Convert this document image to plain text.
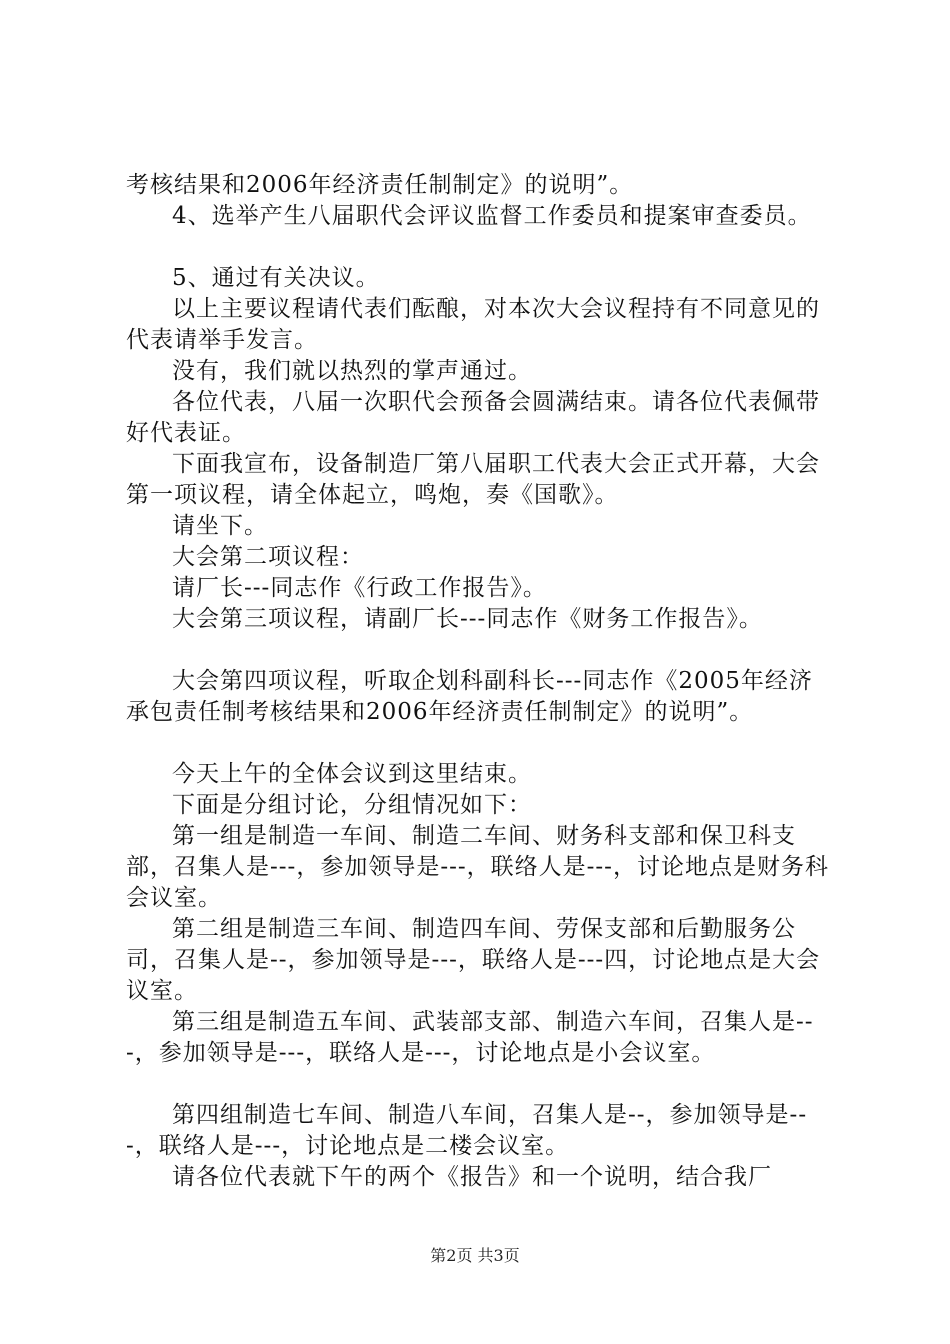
考核结果和2006年经济责任制制定》的说明”。

4、选举产生八届职代会评议监督工作委员和提案审查委员。

5、通过有关决议。

以上主要议程请代表们酝酿，对本次大会议程持有不同意见的代表请举手发言。

没有，我们就以热烈的掌声通过。

各位代表，八届一次职代会预备会圆满结束。请各位代表佩带好代表证。

下面我宣布，设备制造厂第八届职工代表大会正式开幕，大会第一项议程，请全体起立，鸣炮，奏《国歌》。

请坐下。

大会第二项议程：

请厂长---同志作《行政工作报告》。

大会第三项议程，请副厂长---同志作《财务工作报告》。

大会第四项议程，听取企划科副科长---同志作《2005年经济承包责任制考核结果和2006年经济责任制制定》的说明”。

今天上午的全体会议到这里结束。

下面是分组讨论，分组情况如下：

第一组是制造一车间、制造二车间、财务科支部和保卫科支部，召集人是---，参加领导是---，联络人是---，讨论地点是财务科会议室。

第二组是制造三车间、制造四车间、劳保支部和后勤服务公司，召集人是--，参加领导是---，联络人是---四，讨论地点是大会议室。

第三组是制造五车间、武装部支部、制造六车间，召集人是---，参加领导是---，联络人是---，讨论地点是小会议室。

第四组制造七车间、制造八车间，召集人是--，参加领导是---，联络人是---，讨论地点是二楼会议室。

请各位代表就下午的两个《报告》和一个说明，结合我厂

第2页 共3页
